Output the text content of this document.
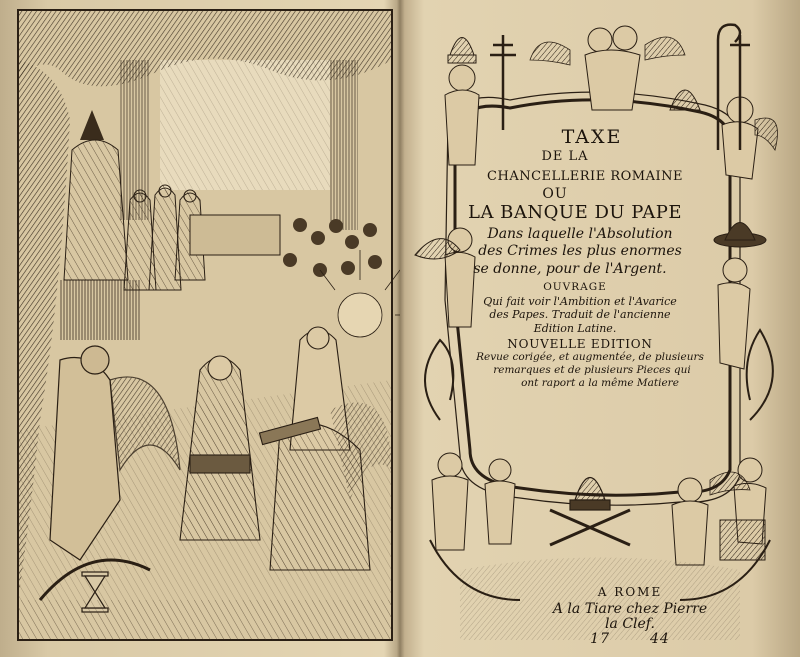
TAXE
DE LA
CHANCELLERIE ROMAINE
OU
LA BANQUE DU PAPE
Dans laquelle l'Absolution
des Crimes les plus enormes
se donne, pour de l'Argent.
OUVRAGE
Qui fait voir l'Ambition et l'Avarice
des Papes. Traduit de l'ancienne
Edition Latine.
NOUVELLE EDITION
Revue corigée, et augmentée, de plusieurs
remarques et de plusieurs Pieces qui
ont raport a la même Matiere
A ROME
A la Tiare chez Pierre
la Clef.
17	44
